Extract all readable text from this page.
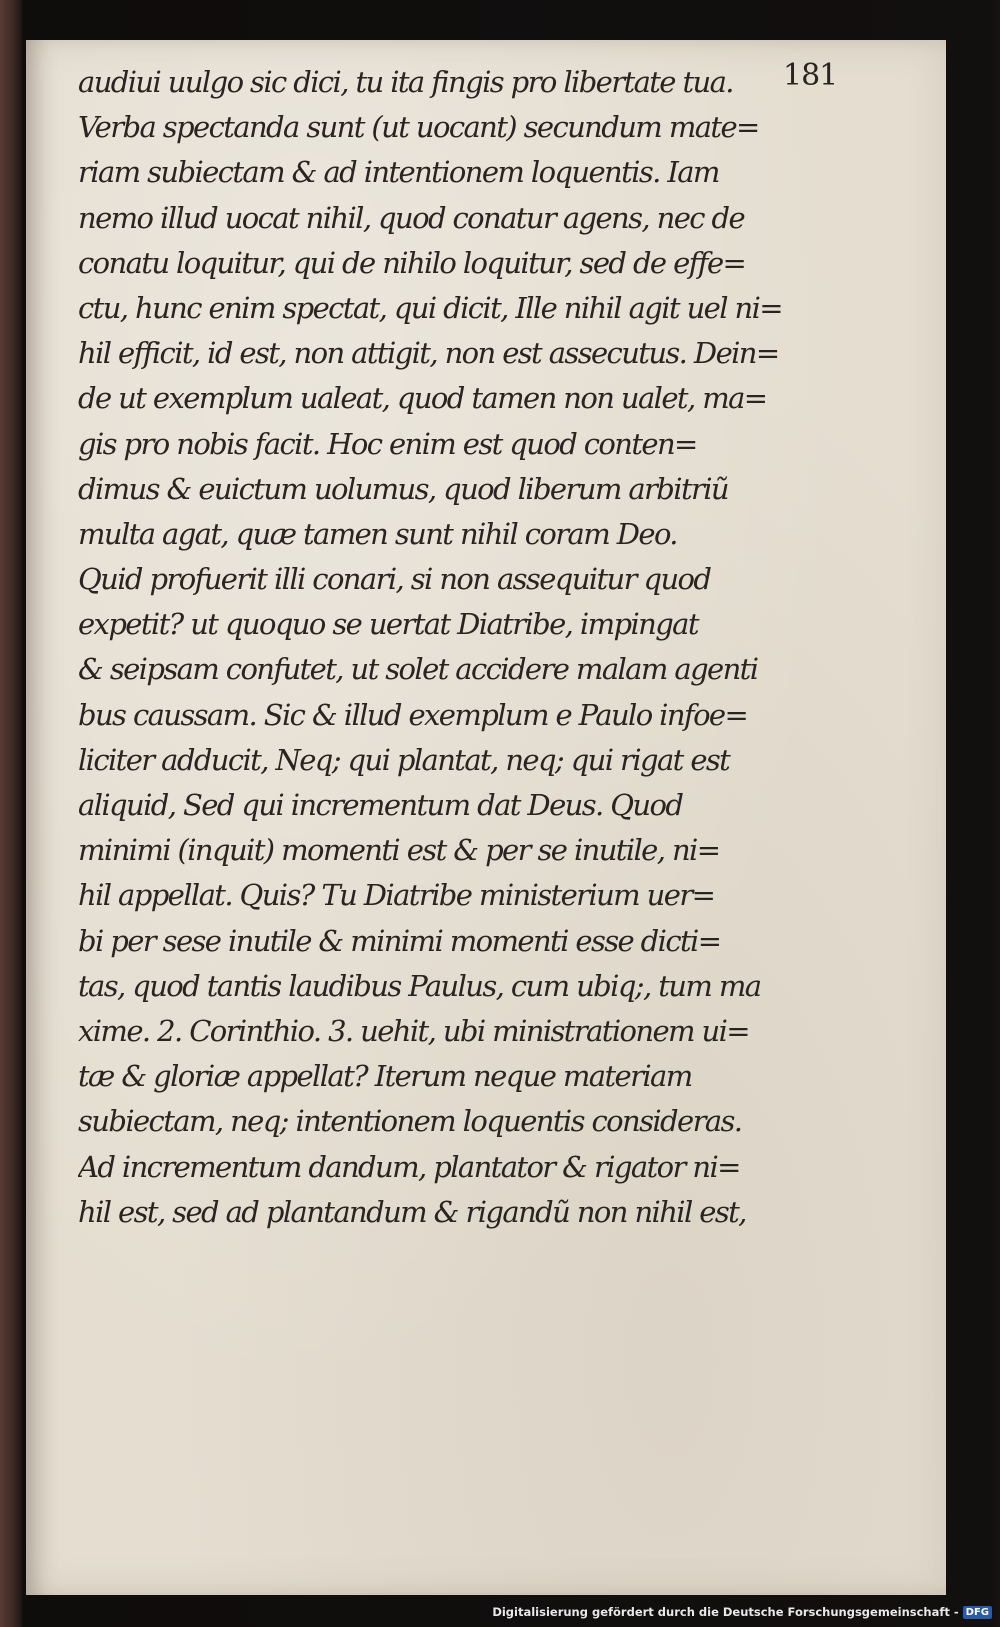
181
audiui uulgo sic dici, tu ita fingis pro libertate tua.
Verba spectanda sunt (ut uocant) secundum mate=
riam subiectam & ad intentionem loquentis. Iam
nemo illud uocat nihil, quod conatur agens, nec de
conatu loquitur, qui de nihilo loquitur, sed de effe=
ctu, hunc enim spectat, qui dicit, Ille nihil agit uel ni=
hil efficit, id est, non attigit, non est assecutus. Dein=
de ut exemplum ualeat, quod tamen non ualet, ma=
gis pro nobis facit. Hoc enim est quod conten=
dimus & euictum uolumus, quod liberum arbitriũ
multa agat, quæ tamen sunt nihil coram Deo.
Quid profuerit illi conari, si non assequitur quod
expetit? ut quoquo se uertat Diatribe, impingat
& seipsam confutet, ut solet accidere malam agenti
bus caussam. Sic & illud exemplum e Paulo infoe=
liciter adducit, Neq; qui plantat, neq; qui rigat est
aliquid, Sed qui incrementum dat Deus. Quod
minimi (inquit) momenti est & per se inutile, ni=
hil appellat. Quis? Tu Diatribe ministerium uer=
bi per sese inutile & minimi momenti esse dicti=
tas, quod tantis laudibus Paulus, cum ubiq;, tum ma
xime. 2. Corinthio. 3. uehit, ubi ministrationem ui=
tæ & gloriæ appellat? Iterum neque materiam
subiectam, neq; intentionem loquentis consideras.
Ad incrementum dandum, plantator & rigator ni=
hil est, sed ad plantandum & rigandũ non nihil est,
Digitalisierung gefördert durch die Deutsche Forschungsgemeinschaft - DFG
